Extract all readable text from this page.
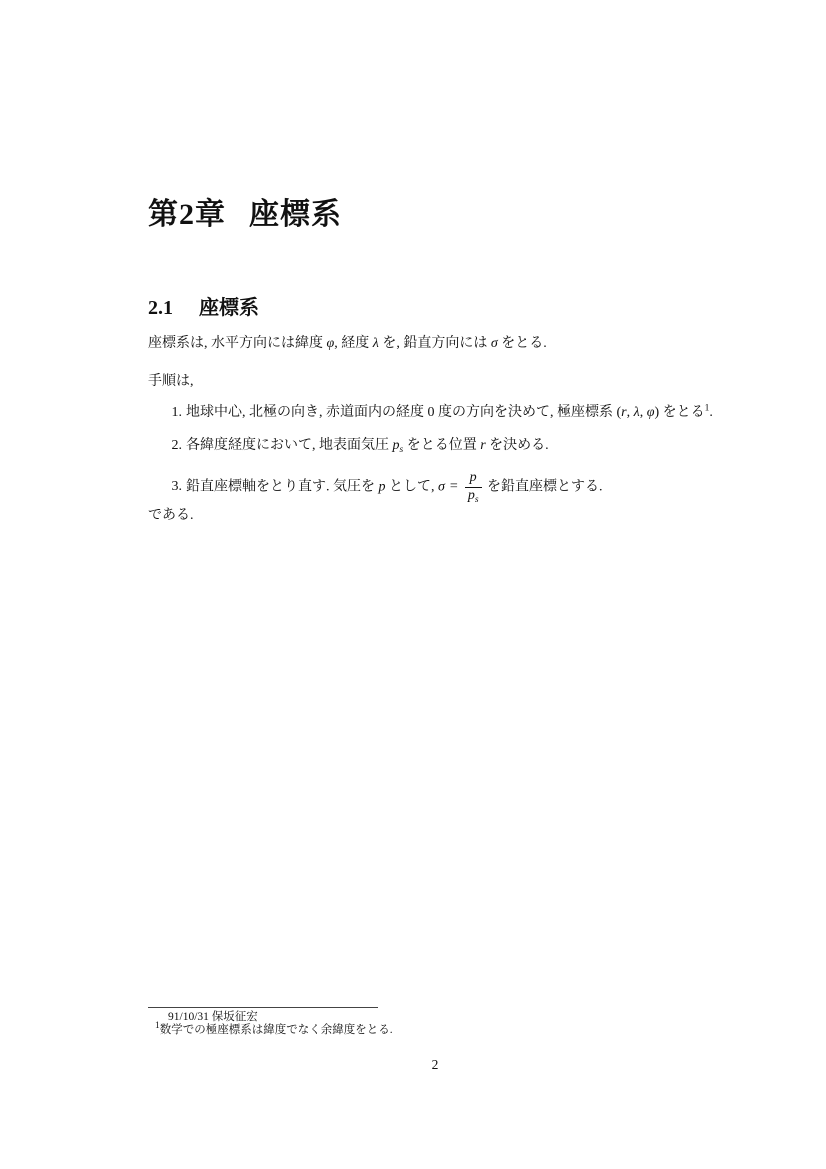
第2章 座標系
2.1 座標系

座標系は, 水平方向には緯度 φ, 経度 λ を, 鉛直方向には σ をとる.

手順は,

1. 地球中心, 北極の向き, 赤道面内の経度 0 度の方向を決めて, 極座標系 (r, λ, φ) をとる$^1$.
2. 各緯度経度において, 地表面気圧 $p_s$ をとる位置 r を決める.
3. 鉛直座標軸をとり直す. 気圧を p として, $\sigma = \frac{p}{p_s}$ を鉛直座標とする.

である.

91/10/31 保坂征宏

$^1$数学での極座標系は緯度でなく余緯度をとる.

2
